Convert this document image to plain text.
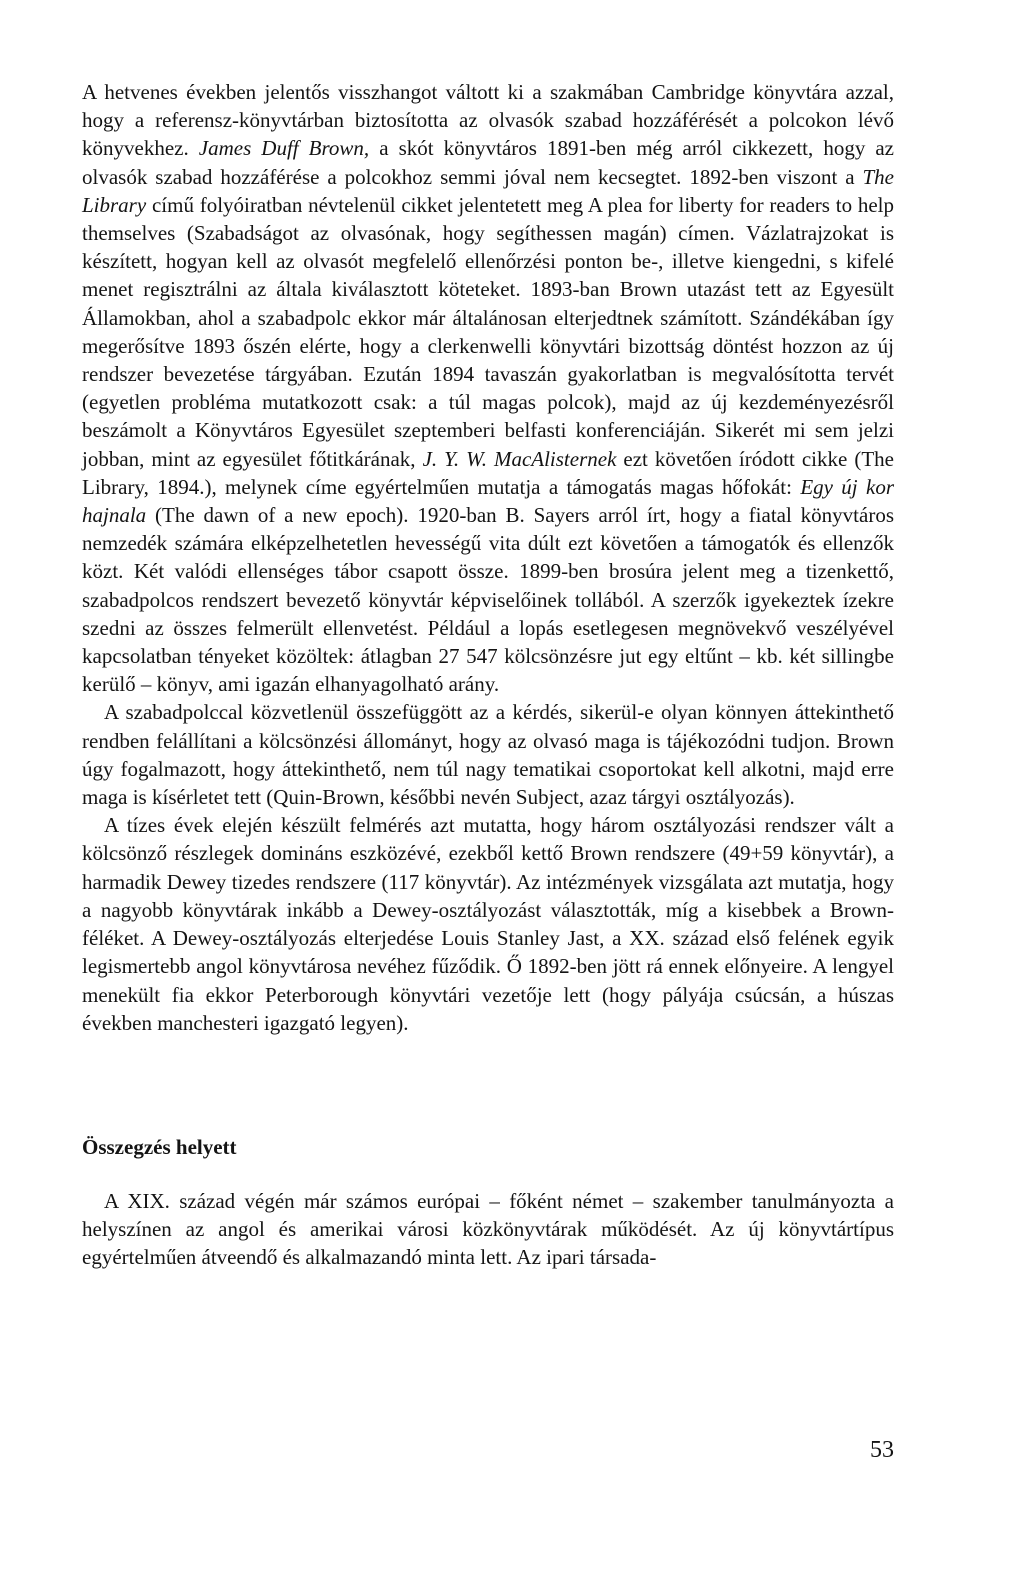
A hetvenes években jelentős visszhangot váltott ki a szakmában Cambridge könyvtára azzal, hogy a referensz-könyvtárban biztosította az olvasók szabad hozzáférését a polcokon lévő könyvekhez. James Duff Brown, a skót könyvtáros 1891-ben még arról cikkezett, hogy az olvasók szabad hozzáférése a polcokhoz semmi jóval nem kecsegtet. 1892-ben viszont a The Library című folyóiratban névtelenül cikket jelentetett meg A plea for liberty for readers to help themselves (Szabadságot az olvasónak, hogy segíthessen magán) címen. Vázlatrajzokat is készített, hogyan kell az olvasót megfelelő ellenőrzési ponton be-, illetve kiengedni, s kifelé menet regisztrálni az általa kiválasztott köteteket. 1893-ban Brown utazást tett az Egyesült Államokban, ahol a szabadpolc ekkor már általánosan elterjedtnek számított. Szándékában így megerősítve 1893 őszén elérte, hogy a clerkenwelli könyvtári bizottság döntést hozzon az új rendszer bevezetése tárgyában. Ezután 1894 tavaszán gyakorlatban is megvalósította tervét (egyetlen probléma mutatkozott csak: a túl magas polcok), majd az új kezdeményezésről beszámolt a Könyvtáros Egyesület szeptemberi belfasti konferenciáján. Sikerét mi sem jelzi jobban, mint az egyesület főtitkárának, J. Y. W. MacAlisternek ezt követően íródott cikke (The Library, 1894.), melynek címe egyértelműen mutatja a támogatás magas hőfokát: Egy új kor hajnala (The dawn of a new epoch). 1920-ban B. Sayers arról írt, hogy a fiatal könyvtáros nemzedék számára elképzelhetetlen hevességű vita dúlt ezt követően a támogatók és ellenzők közt. Két valódi ellenséges tábor csapott össze. 1899-ben brosúra jelent meg a tizenkettő, szabadpolcos rendszert bevezető könyvtár képviselőinek tollából. A szerzők igyekeztek ízekre szedni az összes felmerült ellenvetést. Például a lopás esetlegesen megnövekvő veszélyével kapcsolatban tényeket közöltek: átlagban 27 547 kölcsönzésre jut egy eltűnt – kb. két sillingbe kerülő – könyv, ami igazán elhanyagolható arány.

A szabadpolccal közvetlenül összefüggött az a kérdés, sikerül-e olyan könnyen áttekinthető rendben felállítani a kölcsönzési állományt, hogy az olvasó maga is tájékozódni tudjon. Brown úgy fogalmazott, hogy áttekinthető, nem túl nagy tematikai csoportokat kell alkotni, majd erre maga is kísérletet tett (Quin-Brown, későbbi nevén Subject, azaz tárgyi osztályozás).

A tízes évek elején készült felmérés azt mutatta, hogy három osztályozási rendszer vált a kölcsönző részlegek domináns eszközévé, ezekből kettő Brown rendszere (49+59 könyvtár), a harmadik Dewey tizedes rendszere (117 könyvtár). Az intézmények vizsgálata azt mutatja, hogy a nagyobb könyvtárak inkább a Dewey-osztályozást választották, míg a kisebbek a Brown-féléket. A Dewey-osztályozás elterjedése Louis Stanley Jast, a XX. század első felének egyik legismertebb angol könyvtárosa nevéhez fűződik. Ő 1892-ben jött rá ennek előnyeire. A lengyel menekült fia ekkor Peterborough könyvtári vezetője lett (hogy pályája csúcsán, a húszas években manchesteri igazgató legyen).

Összegzés helyett

A XIX. század végén már számos európai – főként német – szakember tanulmányozta a helyszínen az angol és amerikai városi közkönyvtárak működését. Az új könyvtártípus egyértelműen átveendő és alkalmazandó minta lett. Az ipari társada-

53
